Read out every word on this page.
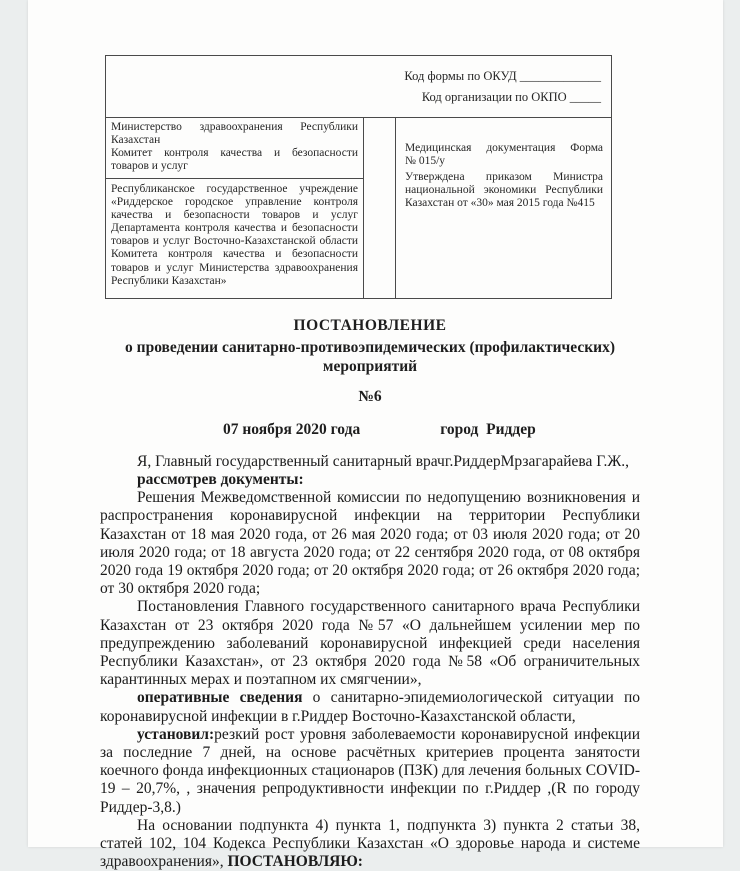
Код формы по ОКУД _____________
Код организации по ОКПО _____
Министерство здравоохранения Республики Казахстан
Комитет контроля качества и безопасности товаров и услуг
Республиканское государственное учреждение «Риддерское городское управление контроля качества и безопасности товаров и услуг Департамента контроля качества и безопасности товаров и услуг Восточно-Казахстанской области Комитета контроля качества и безопасности товаров и услуг Министерства здравоохранения Республики Казахстан»
Медицинская документация Форма
№ 015/у
Утверждена приказом Министра национальной экономики Республики Казахстан от «30» мая 2015 года №415
ПОСТАНОВЛЕНИЕ
о проведении санитарно-противоэпидемических (профилактических) мероприятий
№6
07 ноября 2020 года	город  Риддер

Я, Главный государственный санитарный врачг.РиддерМрзагарайева Г.Ж.,

рассмотрев документы:

Решения Межведомственной комиссии по недопущению возникновения и распространения коронавирусной инфекции на территории Республики Казахстан от 18 мая 2020 года, от 26 мая 2020 года; от 03 июля 2020 года; от 20 июля 2020 года; от 18 августа 2020 года; от 22 сентября 2020 года, от 08 октября 2020 года 19 октября 2020 года; от 20 октября 2020 года; от 26 октября 2020 года; от 30 октября 2020 года;

Постановления Главного государственного санитарного врача Республики Казахстан от 23 октября 2020 года №57 «О дальнейшем усилении мер по предупреждению заболеваний коронавирусной инфекцией среди населения Республики Казахстан», от 23 октября 2020 года №58 «Об ограничительных карантинных мерах и поэтапном их смягчении»,

оперативные сведения о санитарно-эпидемиологической ситуации по коронавирусной инфекции в г.Риддер Восточно-Казахстанской области,

установил:резкий рост уровня заболеваемости коронавирусной инфекции за последние 7 дней, на основе расчётных критериев процента занятости коечного фонда инфекционных стационаров (ПЗК) для лечения больных COVID-19 – 20,7%, , значения репродуктивности инфекции по г.Риддер ,(R по городу Риддер-3,8.)

На основании подпункта 4) пункта 1, подпункта 3) пункта 2 статьи 38, статей 102, 104 Кодекса Республики Казахстан «О здоровье народа и системе здравоохранения», ПОСТАНОВЛЯЮ:
